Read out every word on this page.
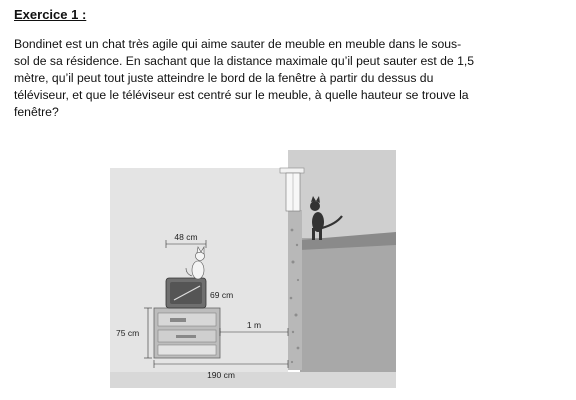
Exercice 1 :

Bondinet est un chat très agile qui aime sauter de meuble en meuble dans le sous-

sol de sa résidence. En sachant que la distance maximale qu’il peut sauter est de 1,5

mètre, qu’il peut tout juste atteindre le bord de la fenêtre à partir du dessus du

téléviseur, et que le téléviseur est centré sur le meuble, à quelle hauteur se trouve la

fenêtre?

48 cm
69 cm
75 cm
1 m
190 cm
